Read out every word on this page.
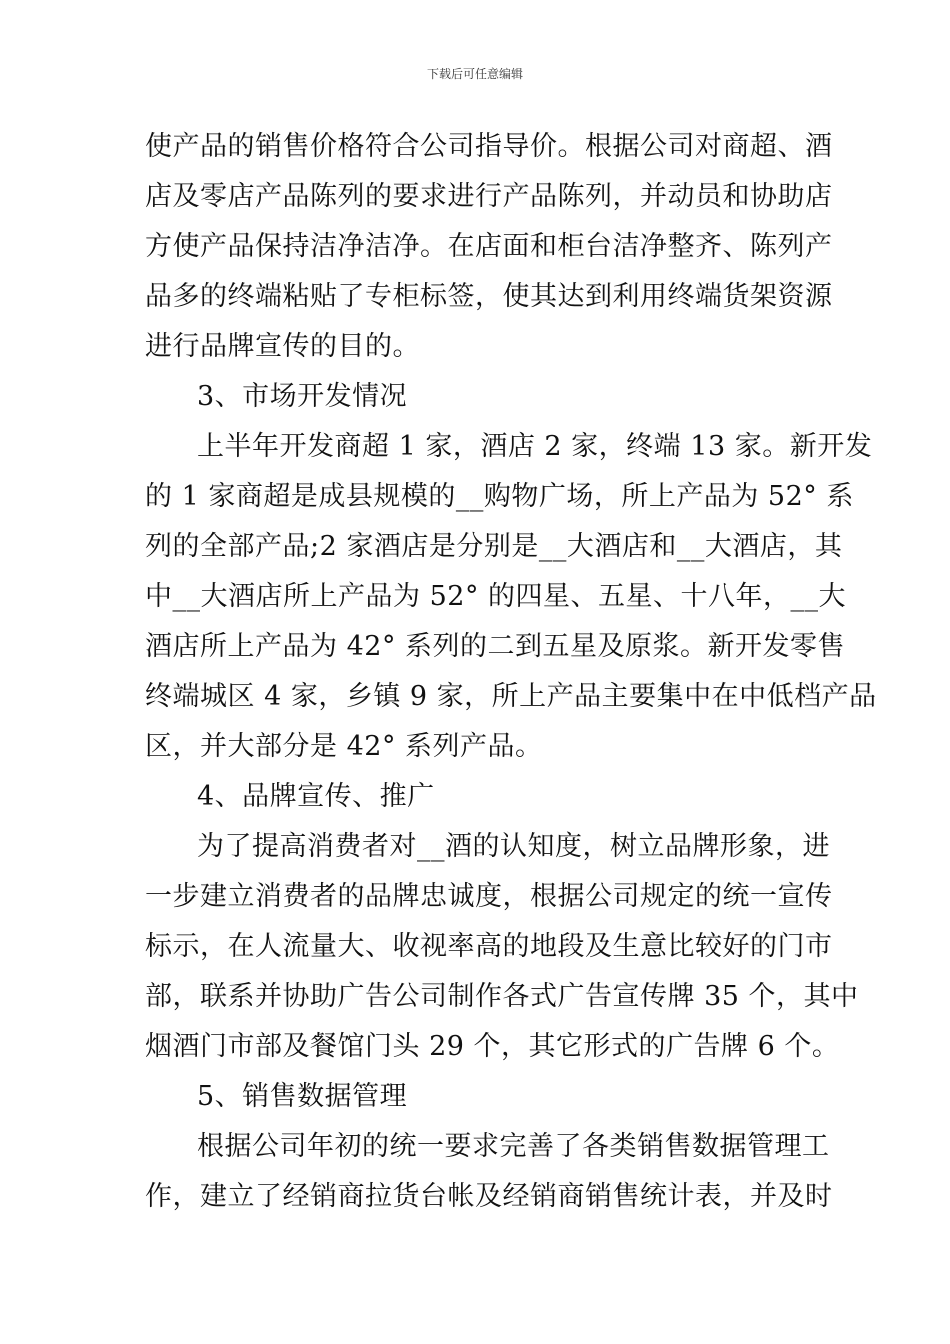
下载后可任意编辑
使产品的销售价格符合公司指导价。根据公司对商超、酒
店及零店产品陈列的要求进行产品陈列，并动员和协助店
方使产品保持洁净洁净。在店面和柜台洁净整齐、陈列产
品多的终端粘贴了专柜标签，使其达到利用终端货架资源
进行品牌宣传的目的。
3、市场开发情况
上半年开发商超 1 家，酒店 2 家，终端 13 家。新开发
的 1 家商超是成县规模的__购物广场，所上产品为 52° 系
列的全部产品;2 家酒店是分别是__大酒店和__大酒店，其
中__大酒店所上产品为 52° 的四星、五星、十八年，__大
酒店所上产品为 42° 系列的二到五星及原浆。新开发零售
终端城区 4 家，乡镇 9 家，所上产品主要集中在中低档产品
区，并大部分是 42° 系列产品。
4、品牌宣传、推广
为了提高消费者对__酒的认知度，树立品牌形象，进
一步建立消费者的品牌忠诚度，根据公司规定的统一宣传
标示，在人流量大、收视率高的地段及生意比较好的门市
部，联系并协助广告公司制作各式广告宣传牌 35 个，其中
烟酒门市部及餐馆门头 29 个，其它形式的广告牌 6 个。
5、销售数据管理
根据公司年初的统一要求完善了各类销售数据管理工
作，建立了经销商拉货台帐及经销商销售统计表，并及时
